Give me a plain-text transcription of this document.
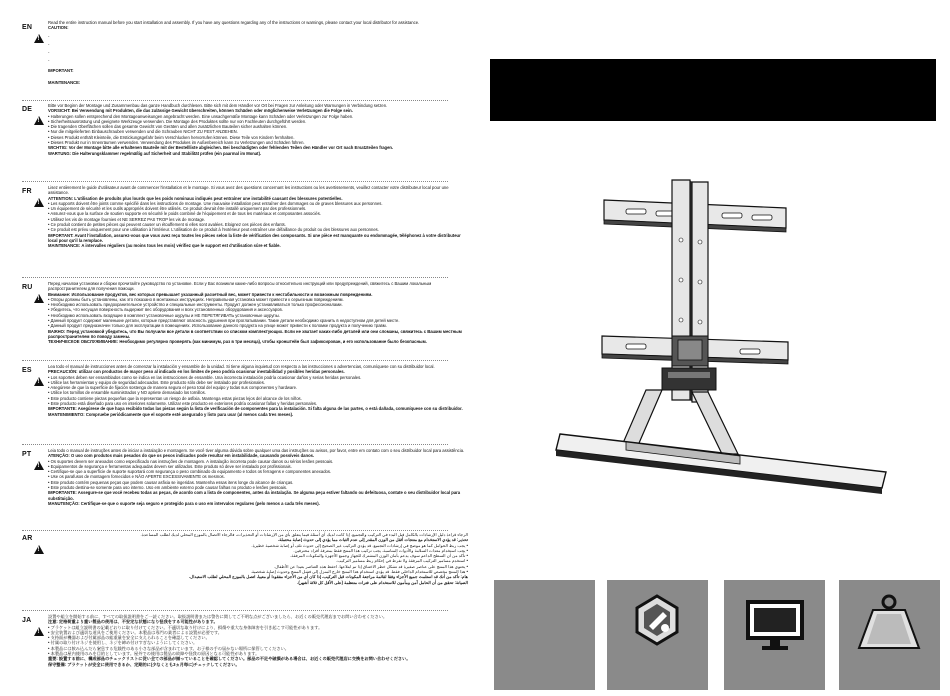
EN
!

Read the entire instruction manual before you start installation and assembly. If you have any questions regarding any of the instructions or warnings, please contact your local distributor for assistance.

CAUTION:

-

-

-

-

IMPORTANT:

MAINTENANCE:

DE
!

Bitte vor Beginn der Montage und Zusammenbau das ganze Handbuch durchlesen. Bitte sich mit dem Händler vor Ort bei Fragen zur Anleitung oder Warnungen in Verbindung setzen.

VORSICHT: Bei Verwendung mit Produkten, die das zulässige Gewicht überschreiten, können Schäden oder möglicherweise Verletzungen die Folge sein.

• Halterungen sollen entsprechend den Montageanweisungen angebracht werden. Eine unsachgemäße Montage kann Schäden oder Verletzungen zur Folge haben.

• Sicherheitsausrüstung und geeignete Werkzeuge verwenden. Die Montage des Produktes sollte nur von Fachleuten durchgeführt werden.

• Die tragenden Oberflächen sollen das gesamte Gewicht von Geräten und allen zusätzlichen Bauteilen sicher aushalten können.

• Nur die mitgelieferten Einbauschrauben verwenden und die Schrauben NICHT ZU FEST ANZIEHEN.

• Dieses Produkt enthält Kleinteile, die Erstickungsgefahr beim Verschlucken hervorrufen können. Diese Teile von Kindern fernhalten.

• Dieses Produkt nur in Innenräumen verwenden. Verwendung des Produkes im Außenbereich kann zu Verletzungen und Schäden führen.

WICHTIG: Vor der Montage bitte alle erhaltenen Bauteile mit der Bestellliste abgleichen. Bei beschädigten oder fehlenden Teilen den Händler vor Ort nach Ersatzteilen fragen.

WARTUNG: Die Halterungsklammer regelmäßig auf Sicherheit und Stabilität prüfen (ein paarmal im Monat).

FR
!

Lisez entièrement le guide d'utilisateur avant de commencer l'installation et le montage. Si vous avez des questions concernant les instructions ou les avertissements, veuillez contacter votre distributeur local pour une assistance.

ATTENTION: L'utilisation de produits plus lourds que les poids nominaux indiqués peut entraîner une instabilité causant des blessures potentielles.

• Les supports doivent être joints comme spécifié dans les instructions de montage. Une mauvaise installation peut entraîner des dommages ou de graves blessures aux personnes.

• Un équipement de sécurité et les outils appropriés doivent être utilisés. Ce produit devrait être installé uniquement par des professionnels.

• Assurez-vous que la surface de soutien supporte en sécurité le poids combiné de l'équipement et de tous les matériaux et composantes associés.

• Utilisez les vis de montage fournies et NE SERREZ PAS TROP les vis de montage.

• Ce produit contient de petites pièces qui peuvent causer un étouffement si elles sont avalées. Eloignez ces pièces des enfants.

• Ce produit est prévu uniquement pour une utilisation à l'intérieur. L'utilisation de ce produit à l'extérieur peut entraîner une défaillance du produit ou des blessures aux personnes.

IMPORTANT: Avant l'installation, assurez-vous que vous avez reçu toutes les pièces selon la liste de vérification des composants. Si une pièce est manquante ou endommagée, téléphonez à votre distributeur local pour qu'il la remplace.

MAINTENANCE: A intervalles réguliers (au moins tous les mois) vérifiez que le support est d'utilisation sûre et fiable.

RU
!

Перед началом установки и сборки прочитайте руководство по установке. Если у Вас возникли какие-либо вопросы относительно инструкций или предупреждений, свяжитесь с Вашим локальным распространителем для получения помощи.

Внимание: Использование продуктов, вес которых превышает указанный расчетный вес, может привести к нестабильности и возможным повреждениям.

• Опоры должны быть установлены, как это показано в монтажных инструкциях. Неправильная установка может привести к серьезным повреждениям.

• Необходимо использовать предохранительное устройство и специальные инструменты. Продукт должен устанавливаться только профессионалами.

• Убедитесь, что несущая поверхность выдержит вес оборудования и всех установленных оборудования и аксессуаров.

• Необходимо использовать входящие в комплект установочные шурупы и НЕ ПЕРЕТЯГИВАТЬ установочные шурупы.

• Данный продукт содержит маленькие детали, которые представляют опасность удушения при проглатывании. Такие детали необходимо хранить в недоступном для детей месте.

• Данный продукт предназначен только для эксплуатации в помещениях. Использование данного продукта на улице может привести к поломке продукта и получению травм.

ВАЖНО: Перед установкой убедитесь, что Вы получили все детали в соответствии со списком комплектующих. Если не хватает каких-либо деталей или они сломаны, свяжитесь с Вашим местным распространителем по поводу замены.

ТЕХНИЧЕСКОЕ ОБСЛУЖИВАНИЕ: Необходимо регулярно проверять (как минимум, раз в три месяца), чтобы кронштейн был зафиксирован, и его использование было безопасным.

ES
!

Lea todo el manual de instrucciones antes de comenzar la instalación y ensamble de la unidad. Si tiene alguna inquietud con respecto a las instrucciones o advertencias, comuníquese con su distribuidor local.

PRECAUCIÓN: utilizar con productos de mayor peso al indicado en los límites de peso podría ocasionar inestabilidad y posibles heridas personales.

• Los soportes deben ser ensamblados como se indica en las instrucciones de ensamble. Una incorrecta instalación podría ocasionar daños y serias heridas personales.

• Utilice las herramientas y equipo de seguridad adecuados. Este producto sólo debe ser instalado por profesionales.

• Asegúrese de que la superficie de fijación sostenga de manera segura el peso total del equipo y todas sus componentes y hardware.

• Utilice los tornillos de ensamble suministrados y NO apriete demasiado los tornillos.

• Este producto contiene piezas pequeñas que la representan un riesgo de asfixia. Mantenga estas piezas lejos del alcance de los niños.

• Este producto está diseñado para uso en interiores solamente. Utilizar este producto en exteriores podría ocasionar fallas y heridas personales.

IMPORTANTE: Asegúrese de que haya recibido todas las piezas según la lista de verificación de componentes para la instalación. Si falta alguna de las partes, o está dañada, comuníquese con su distribuidor.

MANTENIMIENTO: Compruebe periódicamente que el soporte esté asegurado y listo para usar (al menos cada tres meses).

PT
!

Leia todo o manual de instruções antes de iniciar a instalação e montagem. Se você tiver alguma dúvida sobre qualquer uma das instruções ou avisos, por favor, entre em contato com o seu distribuidor local para assistência.

ATENÇÃO: O uso com produtos mais pesados do que os pesos indicados pode resultar em instabilidade, causando possíveis danos.

• Os suportes devem ser anexados como especificado nas instruções de montagem. A instalação incorreta pode causar danos ou sérios lesões pessoais.

• Equipamentos de segurança e ferramentas adequadas devem ser utilizados. Este produto só deve ser instalado por profissionais.

• Certifique-se que a superfície de suporte suportará com segurança o peso combinado do equipamento e todos os ferragens e componentes anexados.

• Use os parafusos de montagem fornecidos e NÃO APERTE EXCESSIVAMENTE os mesmos.

• Este produto contém pequenas peças que podem causar asfixia se ingeridas. Mantenha essas itens longe do alcance de crianças.

• Este produto destina-se somente para uso interno. Uso em ambiente externo pode causar falhas no produto e lesões pessoais.

IMPORTANTE: Assegure-se que você recebeu todas as peças, de acordo com a lista de componentes, antes da instalação. Se alguma peça estiver faltando ou defeituosa, contate o seu distribuidor local para substituição.

MANUTENÇÃO: Certifique-se que o suporte seja seguro e protegido para o uso em intervalos regulares (pelo menos a cada três meses).

AR
!

الرجاء قراءة دليل الإرشادات بالكامل قبل البدء في التركيب والتجميع. إذا كانت لديك أي أسئلة فيما يتعلق بأي من الإرشادات أو التحذيرات، فالرجاء الاتصال بالموزع المحلي لديك لطلب المساعدة.

تحذير: قد يؤدي الاستخدام مع منتجات أثقل من الوزن المقدر إلى عدم الثبات مما يؤدي إلى حدوث إصابة محتملة.

• يجب ربط الحوامل كما هو موضح في إرشادات التجميع. قد يؤدي التركيب غير الصحيح إلى حدوث تلف أو إصابة شخصية خطيرة.

• يجب استخدام معدات السلامة والأدوات المناسبة. يجب تركيب هذا المنتج فقط بمعرفة أفراد محترفين.

• تأكد من أن السطح الداعم سوف يدعم بأمان الوزن المشترك للجهاز وجميع الأجهزة والمكونات المرفقة.

• استخدم مسامير التركيب المرفقة ولا تفرط في إحكام ربط مسامير التركيب.

• يحتوي هذا المنتج على عناصر صغيرة قد تشكل خطر الاختناق إذا تم ابتلاعها. احفظ هذه العناصر بعيدا عن الأطفال.

• هذا المنتج مخصص للاستخدام الداخلي فقط. قد يؤدي استخدام هذا المنتج خارج المنزل إلى فشل المنتج وحدوث إصابة شخصية.

هام: تأكد من أنك قد استلمت جميع الأجزاء وفقا لقائمة مراجعة المكونات قبل التركيب. إذا كان أي من الأجزاء مفقودا أو معيبا، اتصل بالموزع المحلي لطلب الاستبدال.

الصيانة: تحقق من أن الحامل آمن ومأمون للاستخدام على فترات منتظمة (على الأقل كل ثلاثة أشهر).

JA
!

設置や組立を開始する前に、すべての取扱説明書をご一読ください。取扱説明書または警告に関してご不明な点がございましたら、お近くの販売代理店までお問い合わせください。

注意: 定格荷重より重い製品の使用は、不安定な状態になり怪我をする可能性があります。

• ブラケットは組立説明書の記載どおりに取り付けてください。不適切な取り付けにより、損傷や重大な身体障害を引き起こす可能性があります。

• 安全装置および適切な道具をご使用ください。本製品は専門の業者による設置が必要です。

• 支持面が機器および付属部品の総重量を安全に支えられることを確認してください。

• 付属の取り付けネジを使用し、ネジを締め付けすぎないようにしてください。

• 本製品には飲み込んだら窒息する危険性のある小さな部品が含まれています。お子様の手の届かない場所に保管してください。

• 本製品は屋内使用のみを目的としています。屋外での使用は製品の故障や怪我の原因となる可能性があります。

重要: 設置する前に、構成部品のチェックリストに従い全ての部品が揃っていることを確認してください。部品の不足や破損がある場合は、お近くの販売代理店に交換をお問い合わせください。

保守整備: ブラケットが安全に使用できるか、定期的に(少なくとも3ヵ月毎に)チェックしてください。
